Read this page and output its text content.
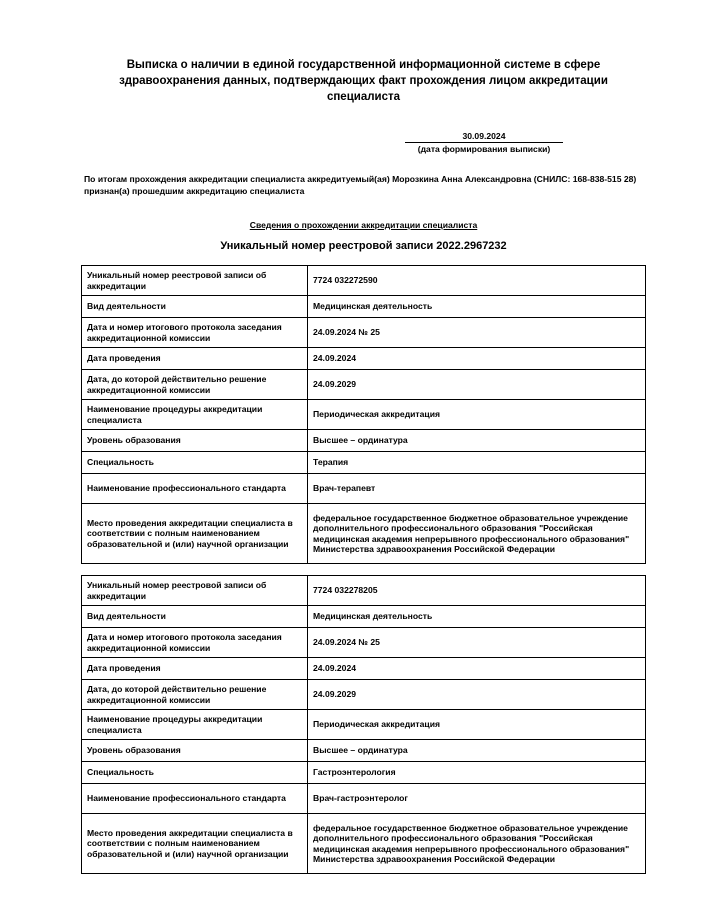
Выписка о наличии в единой государственной информационной системе в сфере здравоохранения данных, подтверждающих факт прохождения лицом аккредитации специалиста
30.09.2024
(дата формирования выписки)
По итогам прохождения аккредитации специалиста аккредитуемый(ая) Морозкина Анна Александровна (СНИЛС: 168-838-515 28) признан(а) прошедшим аккредитацию специалиста
Сведения о прохождении аккредитации специалиста
Уникальный номер реестровой записи 2022.2967232
Уникальный номер реестровой записи об аккредитации	7724 032272590
Вид деятельности	Медицинская деятельность
Дата и номер итогового протокола заседания аккредитационной комиссии	24.09.2024 № 25
Дата проведения	24.09.2024
Дата, до которой действительно решение аккредитационной комиссии	24.09.2029
Наименование процедуры аккредитации специалиста	Периодическая аккредитация
Уровень образования	Высшее – ординатура
Специальность	Терапия
Наименование профессионального стандарта	Врач-терапевт
Место проведения аккредитации специалиста в соответствии с полным наименованием образовательной и (или) научной организации	федеральное государственное бюджетное образовательное учреждение дополнительного профессионального образования "Российская медицинская академия непрерывного профессионального образования" Министерства здравоохранения Российской Федерации
Уникальный номер реестровой записи об аккредитации	7724 032278205
Вид деятельности	Медицинская деятельность
Дата и номер итогового протокола заседания аккредитационной комиссии	24.09.2024 № 25
Дата проведения	24.09.2024
Дата, до которой действительно решение аккредитационной комиссии	24.09.2029
Наименование процедуры аккредитации специалиста	Периодическая аккредитация
Уровень образования	Высшее – ординатура
Специальность	Гастроэнтерология
Наименование профессионального стандарта	Врач-гастроэнтеролог
Место проведения аккредитации специалиста в соответствии с полным наименованием образовательной и (или) научной организации	федеральное государственное бюджетное образовательное учреждение дополнительного профессионального образования "Российская медицинская академия непрерывного профессионального образования" Министерства здравоохранения Российской Федерации
